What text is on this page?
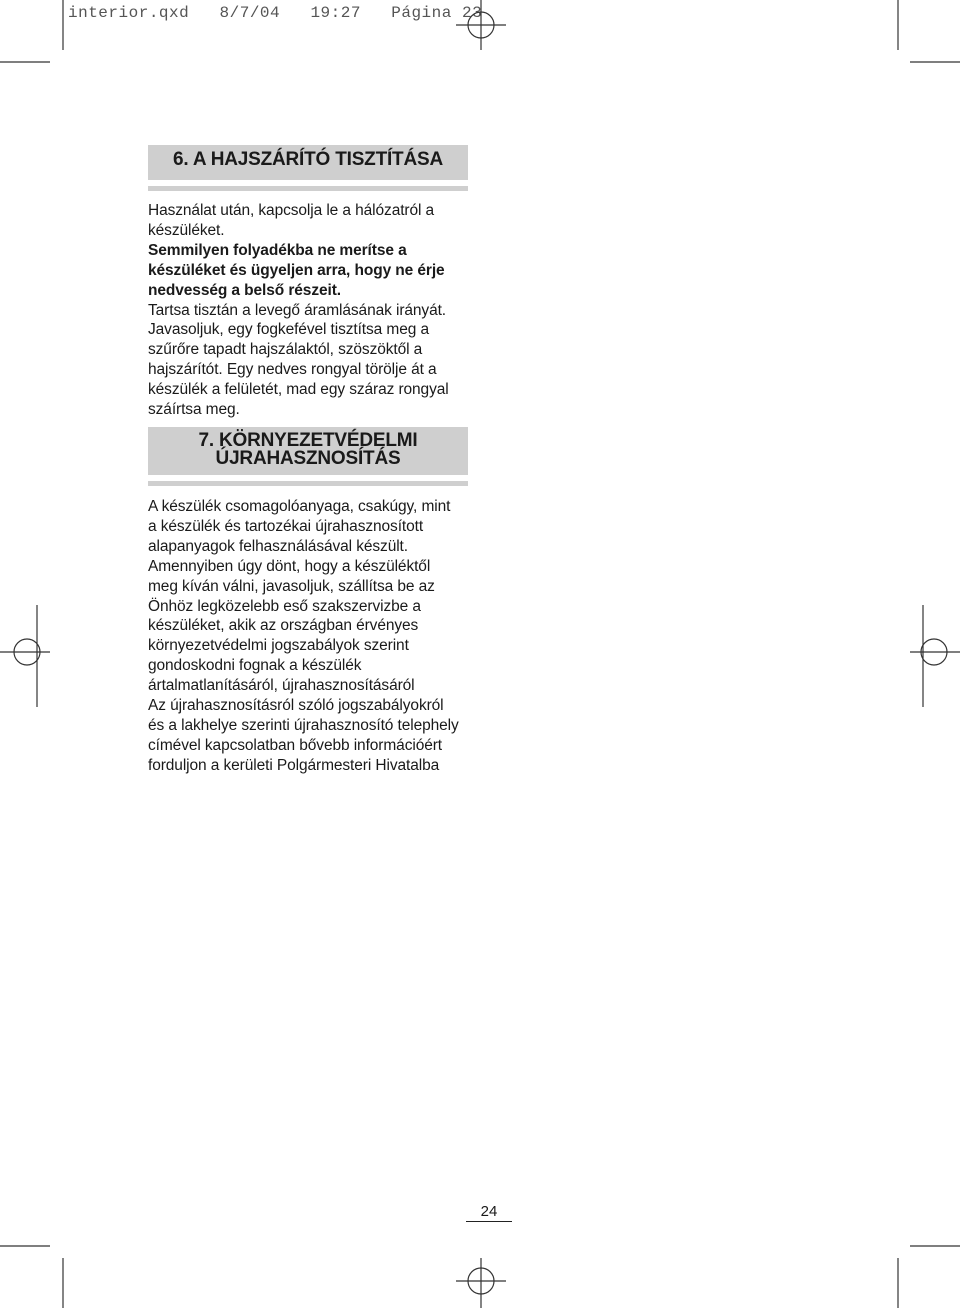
interior.qxd   8/7/04   19:27   Página 23
6. A HAJSZÁRÍTÓ TISZTÍTÁSA

Használat után, kapcsolja le a hálózatról a

készüléket.

Semmilyen folyadékba ne merítse a

készüléket és ügyeljen arra, hogy ne érje

nedvesség a belső részeit.

Tartsa tisztán a levegő áramlásának irányát.

Javasoljuk, egy fogkefével tisztítsa meg a

szűrőre tapadt hajszálaktól, szöszöktől a

hajszárítót. Egy nedves rongyal törölje át a

készülék a felületét, mad egy száraz rongyal

száírtsa meg.

7. KÖRNYEZETVÉDELMI
ÚJRAHASZNOSÍTÁS

A készülék csomagolóanyaga, csakúgy, mint

a készülék és tartozékai újrahasznosított

alapanyagok felhasználásával készült.

Amennyiben úgy dönt, hogy a készüléktől

meg kíván válni, javasoljuk, szállítsa be az

Önhöz legközelebb eső szakszervizbe a

készüléket, akik az országban érvényes

környezetvédelmi jogszabályok szerint

gondoskodni fognak a készülék

ártalmatlanításáról, újrahasznosításáról

Az újrahasznosításról szóló jogszabályokról

és a lakhelye szerinti újrahasznosító telephely

címével kapcsolatban bővebb információért

forduljon a kerületi Polgármesteri Hivatalba

24
